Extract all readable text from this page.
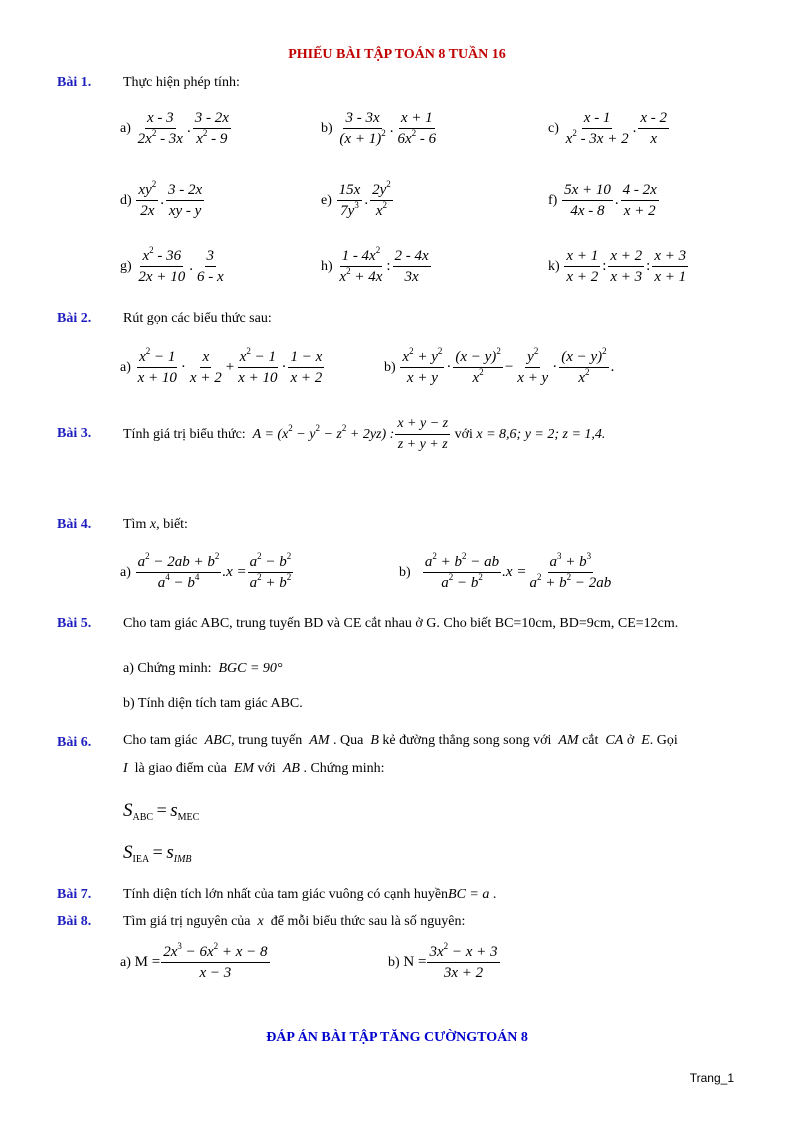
PHIẾU BÀI TẬP TOÁN 8 TUẦN 16
Bài 1. Thực hiện phép tính:
a)
$\frac{x - 3}{2x^2 - 3x}$ . $\frac{3 - 2x}{x^2 - 9}$	b)
$\frac{3 - 3x}{(x + 1)^2}$ . $\frac{x + 1}{6x^2 - 6}$	c)
$\frac{x - 1}{x^2 - 3x + 2}$ . $\frac{x - 2}{x}$
d)
$\frac{xy^2}{2x}$ . $\frac{3 - 2x}{xy - y}$	e)
$\frac{15x}{7y^3}$ . $\frac{2y^2}{x^2}$	f)
$\frac{5x + 10}{4x - 8}$ . $\frac{4 - 2x}{x + 2}$
g)
$\frac{x^2 - 36}{2x + 10}$ . $\frac{3}{6 - x}$	h)
$\frac{1 - 4x^2}{x^2 + 4x}$ : $\frac{2 - 4x}{3x}$	k)
$\frac{x + 1}{x + 2}$ : $\frac{x + 2}{x + 3}$ : $\frac{x + 3}{x + 1}$
Bài 2. Rút gọn các biểu thức sau:
a)
$\frac{x^2 - 1}{x + 10} \cdot \frac{x}{x + 2} + \frac{x^2 - 1}{x + 10} \cdot \frac{1 - x}{x + 2}$	b)
$\frac{x^2 + y^2}{x + y} \cdot \frac{(x - y)^2}{x^2} - \frac{y^2}{x + y} \cdot \frac{(x - y)^2}{x^2}$ .
Bài 3. Tính giá trị biểu thức:
$A = (x^2 - y^2 - z^2 + 2yz)$ : $\frac{x + y - z}{z + y + z}$
với
x = 8,6; y = 2; z = 1,4.
Bài 4. Tìm x, biết:
a)
$\frac{a^2 - 2ab + b^2}{a^4 - b^4} .x = \frac{a^2 - b^2}{a^2 + b^2}$	b)
$\frac{a^2 + b^2 - ab}{a^2 - b^2} .x = \frac{a^3 + b^3}{a^2 + b^2 - 2ab}$
Bài 5. Cho tam giác ABC, trung tuyến BD và CE cắt nhau ở G. Cho biết BC=10cm, BD=9cm, CE=12cm.
a) Chứng minh: BGC = 90°
b) Tính diện tích tam giác ABC.
Bài 6. Cho tam giác ABC, trung tuyến AM . Qua B kẻ đường thẳng song song với AM cắt CA ở E. Gọi
I là giao điểm của EM với AB . Chứng minh:
$S_{ABC} = s_{MEC}$
$S_{IEA} = s_{IMB}$
Bài 7. Tính diện tích lớn nhất của tam giác vuông có cạnh huyềnBC = a .
Bài 8. Tìm giá trị nguyên của x để mỗi biểu thức sau là số nguyên:
a)
$M = \frac{2x^3 - 6x^2 + x - 8}{x - 3}$	b)
$N = \frac{3x^2 - x + 3}{3x + 2}$
ĐÁP ÁN BÀI TẬP TĂNG CƯỜNGTOÁN 8
Trang_1
